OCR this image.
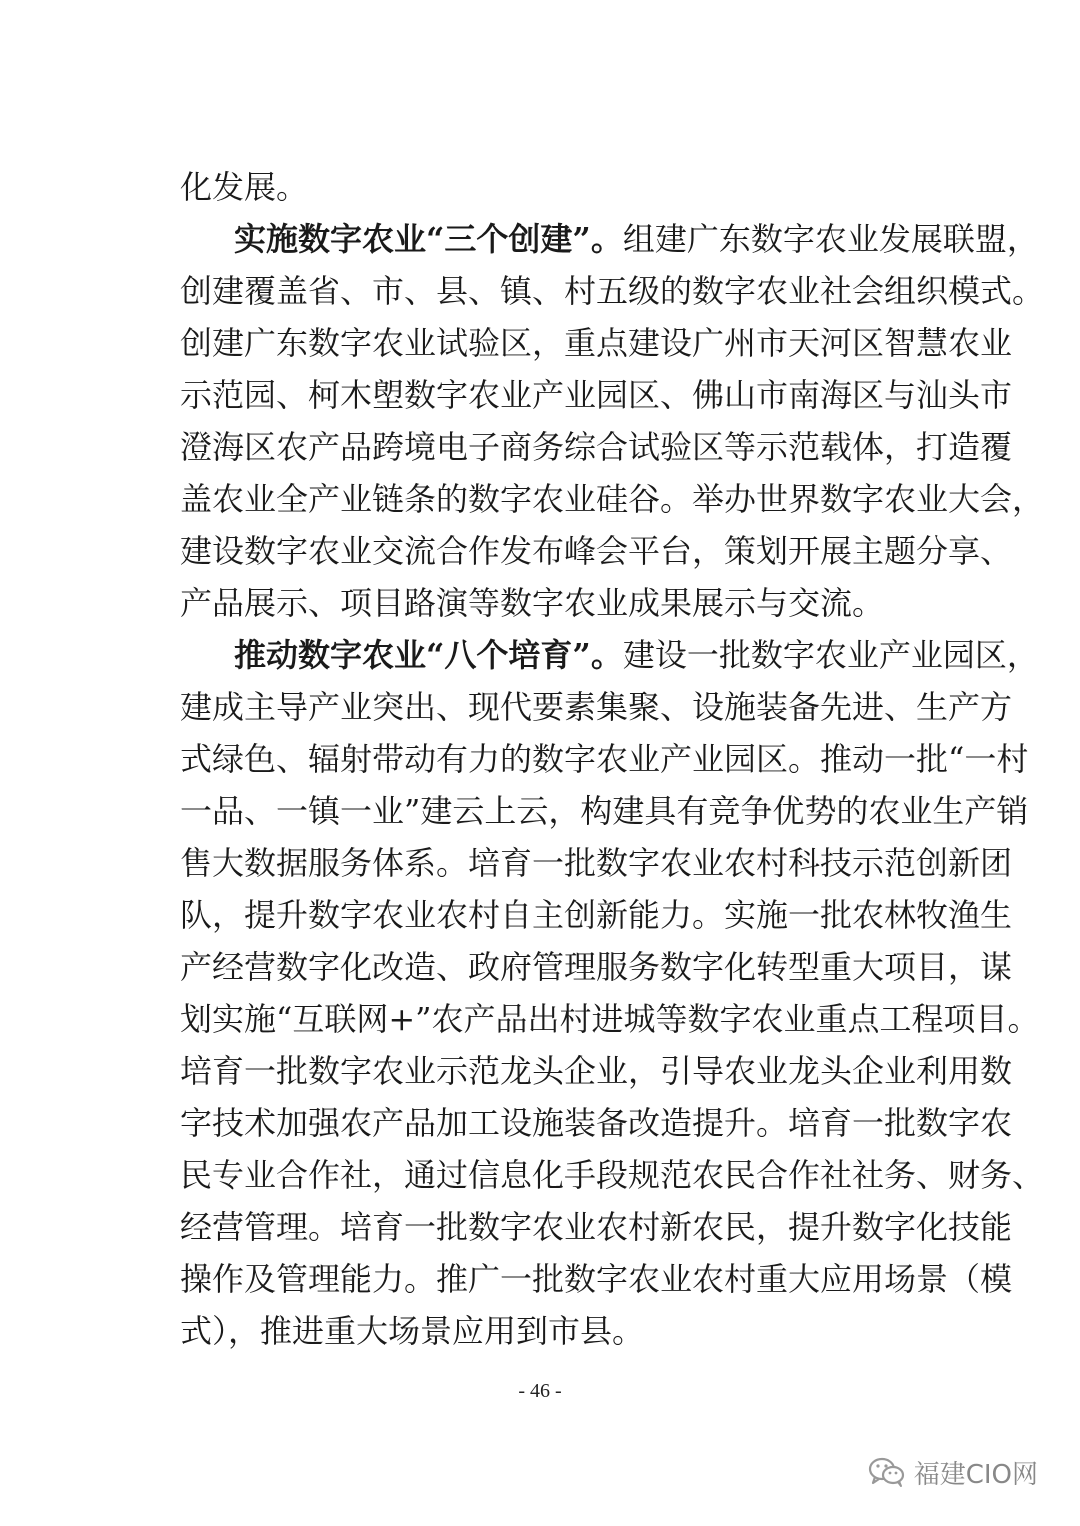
化发展。
实施数字农业“三个创建”。组建广东数字农业发展联盟，
创建覆盖省、市、县、镇、村五级的数字农业社会组织模式。
创建广东数字农业试验区，重点建设广州市天河区智慧农业
示范园、柯木塱数字农业产业园区、佛山市南海区与汕头市
澄海区农产品跨境电子商务综合试验区等示范载体，打造覆
盖农业全产业链条的数字农业硅谷。举办世界数字农业大会，
建设数字农业交流合作发布峰会平台，策划开展主题分享、
产品展示、项目路演等数字农业成果展示与交流。
推动数字农业“八个培育”。建设一批数字农业产业园区，
建成主导产业突出、现代要素集聚、设施装备先进、生产方
式绿色、辐射带动有力的数字农业产业园区。推动一批“一村
一品、一镇一业”建云上云，构建具有竞争优势的农业生产销
售大数据服务体系。培育一批数字农业农村科技示范创新团
队，提升数字农业农村自主创新能力。实施一批农林牧渔生
产经营数字化改造、政府管理服务数字化转型重大项目，谋
划实施“互联网+”农产品出村进城等数字农业重点工程项目。
培育一批数字农业示范龙头企业，引导农业龙头企业利用数
字技术加强农产品加工设施装备改造提升。培育一批数字农
民专业合作社，通过信息化手段规范农民合作社社务、财务、
经营管理。培育一批数字农业农村新农民，提升数字化技能
操作及管理能力。推广一批数字农业农村重大应用场景（模
式），推进重大场景应用到市县。
- 46 -
福建CIO网
